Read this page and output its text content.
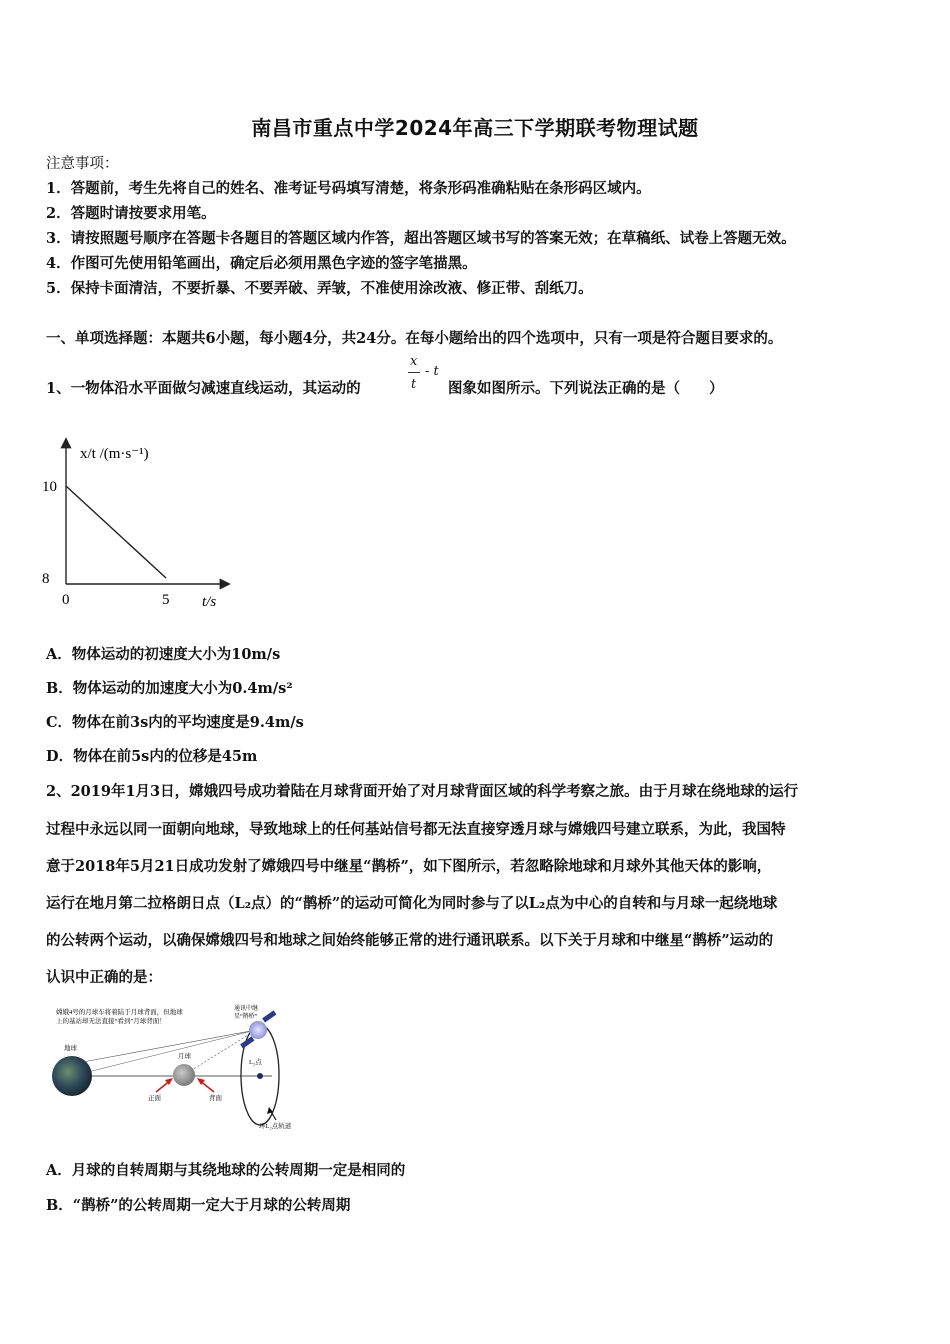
南昌市重点中学2024年高三下学期联考物理试题
注意事项：
1．答题前，考生先将自己的姓名、准考证号码填写清楚，将条形码准确粘贴在条形码区域内。
2．答题时请按要求用笔。
3．请按照题号顺序在答题卡各题目的答题区域内作答，超出答题区域书写的答案无效；在草稿纸、试卷上答题无效。
4．作图可先使用铅笔画出，确定后必须用黑色字迹的签字笔描黑。
5．保持卡面清洁，不要折暴、不要弄破、弄皱，不准使用涂改液、修正带、刮纸刀。
一、单项选择题：本题共6小题，每小题4分，共24分。在每小题给出的四个选项中，只有一项是符合题目要求的。
1、一物体沿水平面做匀减速直线运动，其运动的
x
t
- t
图象如图所示。下列说法正确的是（　　）
x/t /(m·s⁻¹)
t/s
10
8
0	5
A．物体运动的初速度大小为10m/s
B．物体运动的加速度大小为0.4m/s²
C．物体在前3s内的平均速度是9.4m/s
D．物体在前5s内的位移是45m
2、2019年1月3日，嫦娥四号成功着陆在月球背面开始了对月球背面区域的科学考察之旅。由于月球在绕地球的运行
过程中永远以同一面朝向地球，导致地球上的任何基站信号都无法直接穿透月球与嫦娥四号建立联系，为此，我国特
意于2018年5月21日成功发射了嫦娥四号中继星“鹊桥”，如下图所示，若忽略除地球和月球外其他天体的影响，
运行在地月第二拉格朗日点（L₂点）的“鹊桥”的运动可简化为同时参与了以L₂点为中心的自转和与月球一起绕地球
的公转两个运动，以确保嫦娥四号和地球之间始终能够正常的进行通讯联系。以下关于月球和中继星“鹊桥”运动的
认识中正确的是：
嫦娥4号的月球车将着陆于月球背面，但地球
上的基站却无法直接“看到”月球背面！
通讯中继
星“鹊桥”
地球
月球
正面	背面
L₂点
环L₂点轨道
A．月球的自转周期与其绕地球的公转周期一定是相同的
B．“鹊桥”的公转周期一定大于月球的公转周期
